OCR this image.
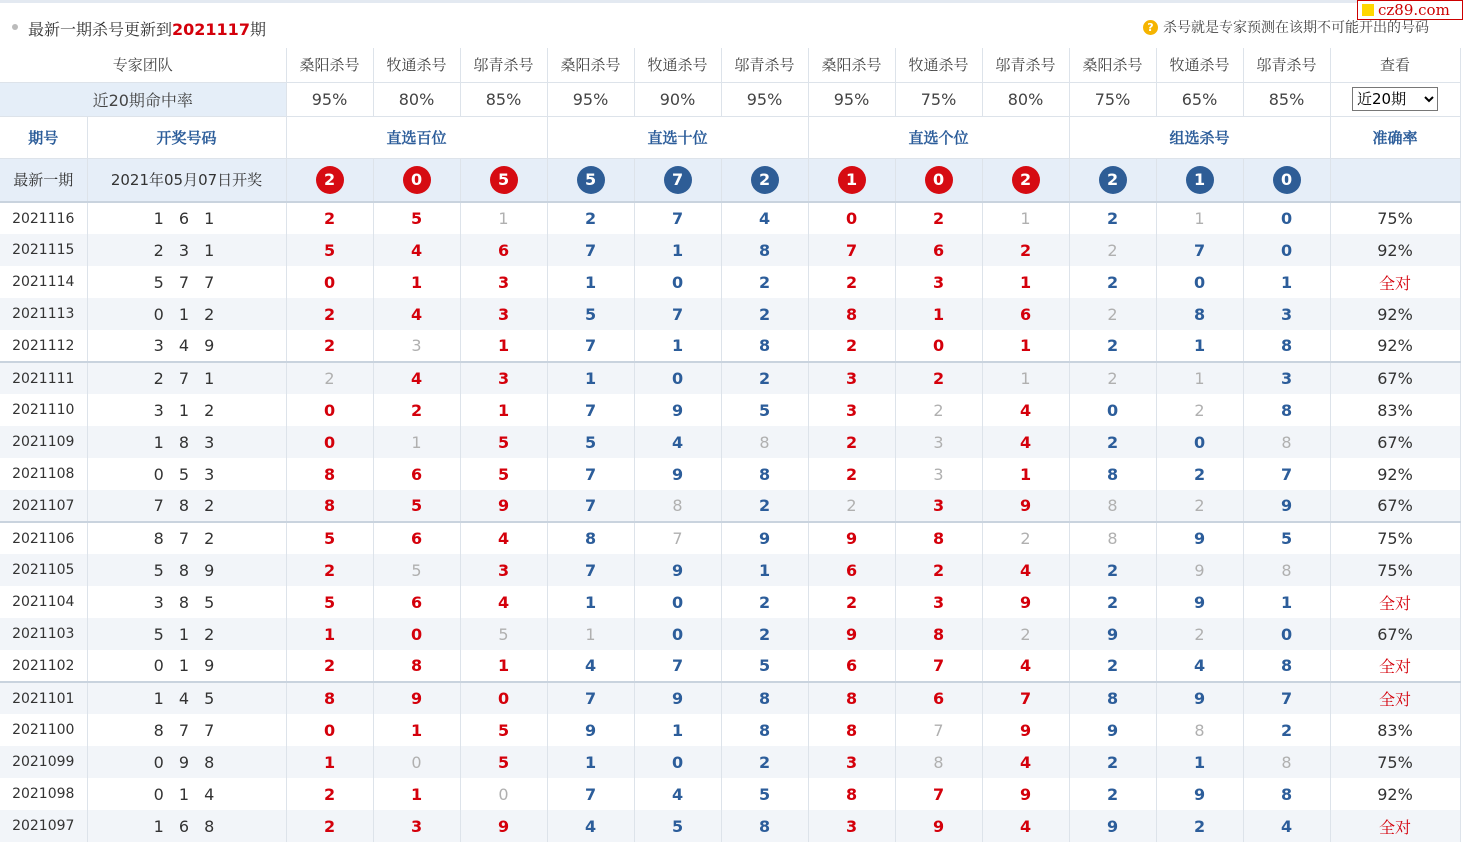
最新一期杀号更新到2021117期	? 杀号就是专家预测在该期不可能开出的号码
cz89.com
专家团队		桑阳杀号	牧通杀号	邬青杀号	桑阳杀号	牧通杀号	邬青杀号	桑阳杀号	牧通杀号	邬青杀号	桑阳杀号	牧通杀号	邬青杀号	查看
近20期命中率		95%	80%	85%	95%	90%	95%	95%	75%	80%	75%	65%	85%	
近20期
期号	开奖号码	直选百位			直选十位			直选个位			组选杀号			准确率
最新一期	2021年05月07日开奖	2	0	5	5	7	2	1	0	2	2	1	0	
2021116	1 6 1	2	5	1	2	7	4	0	2	1	2	1	0	75%
2021115	2 3 1	5	4	6	7	1	8	7	6	2	2	7	0	92%
2021114	5 7 7	0	1	3	1	0	2	2	3	1	2	0	1	全对
2021113	0 1 2	2	4	3	5	7	2	8	1	6	2	8	3	92%
2021112	3 4 9	2	3	1	7	1	8	2	0	1	2	1	8	92%
2021111	2 7 1	2	4	3	1	0	2	3	2	1	2	1	3	67%
2021110	3 1 2	0	2	1	7	9	5	3	2	4	0	2	8	83%
2021109	1 8 3	0	1	5	5	4	8	2	3	4	2	0	8	67%
2021108	0 5 3	8	6	5	7	9	8	2	3	1	8	2	7	92%
2021107	7 8 2	8	5	9	7	8	2	2	3	9	8	2	9	67%
2021106	8 7 2	5	6	4	8	7	9	9	8	2	8	9	5	75%
2021105	5 8 9	2	5	3	7	9	1	6	2	4	2	9	8	75%
2021104	3 8 5	5	6	4	1	0	2	2	3	9	2	9	1	全对
2021103	5 1 2	1	0	5	1	0	2	9	8	2	9	2	0	67%
2021102	0 1 9	2	8	1	4	7	5	6	7	4	2	4	8	全对
2021101	1 4 5	8	9	0	7	9	8	8	6	7	8	9	7	全对
2021100	8 7 7	0	1	5	9	1	8	8	7	9	9	8	2	83%
2021099	0 9 8	1	0	5	1	0	2	3	8	4	2	1	8	75%
2021098	0 1 4	2	1	0	7	4	5	8	7	9	2	9	8	92%
2021097	1 6 8	2	3	9	4	5	8	3	9	4	9	2	4	全对
